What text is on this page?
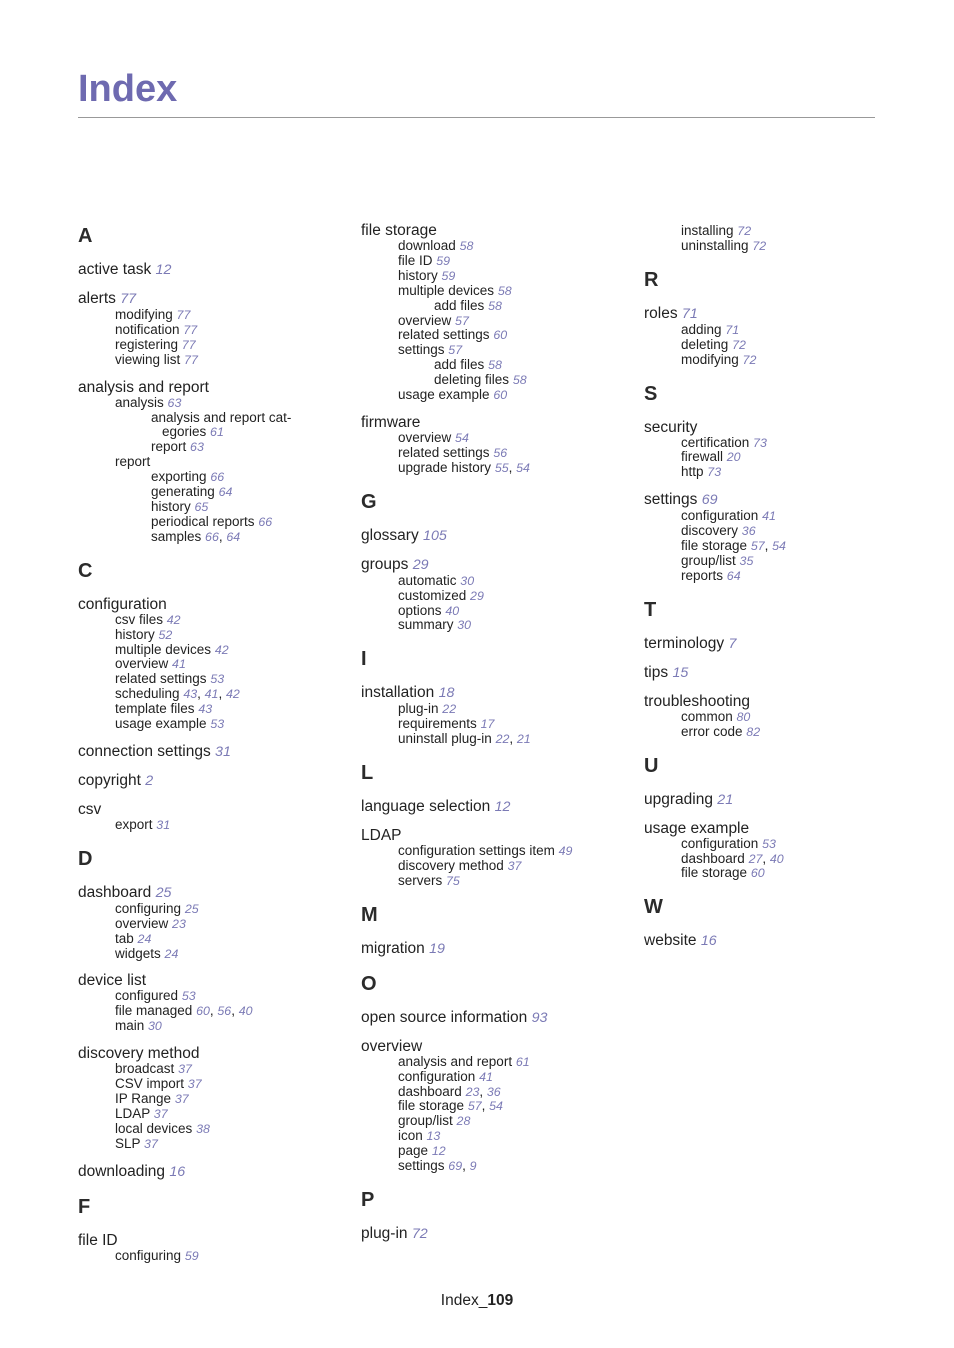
Index
A
active task 12
alerts 77
modifying 77
notification 77
registering 77
viewing list 77
analysis and report
analysis 63
analysis and report cat-
egories 61
report 63
report
exporting 66
generating 64
history 65
periodical reports 66
samples 66, 64
C
configuration
csv files 42
history 52
multiple devices 42
overview 41
related settings 53
scheduling 43, 41, 42
template files 43
usage example 53
connection settings 31
copyright 2
csv
export 31
D
dashboard 25
configuring 25
overview 23
tab 24
widgets 24
device list
configured 53
file managed 60, 56, 40
main 30
discovery method
broadcast 37
CSV import 37
IP Range 37
LDAP 37
local devices 38
SLP 37
downloading 16
F
file ID
configuring 59
file storage
download 58
file ID 59
history 59
multiple devices 58
add files 58
overview 57
related settings 60
settings 57
add files 58
deleting files 58
usage example 60
firmware
overview 54
related settings 56
upgrade history 55, 54
G
glossary 105
groups 29
automatic 30
customized 29
options 40
summary 30
I
installation 18
plug-in 22
requirements 17
uninstall plug-in 22, 21
L
language selection 12
LDAP
configuration settings item 49
discovery method 37
servers 75
M
migration 19
O
open source information 93
overview
analysis and report 61
configuration 41
dashboard 23, 36
file storage 57, 54
group/list 28
icon 13
page 12
settings 69, 9
P
plug-in 72
installing 72
uninstalling 72
R
roles 71
adding 71
deleting 72
modifying 72
S
security
certification 73
firewall 20
http 73
settings 69
configuration 41
discovery 36
file storage 57, 54
group/list 35
reports 64
T
terminology 7
tips 15
troubleshooting
common 80
error code 82
U
upgrading 21
usage example
configuration 53
dashboard 27, 40
file storage 60
W
website 16
Index_109
